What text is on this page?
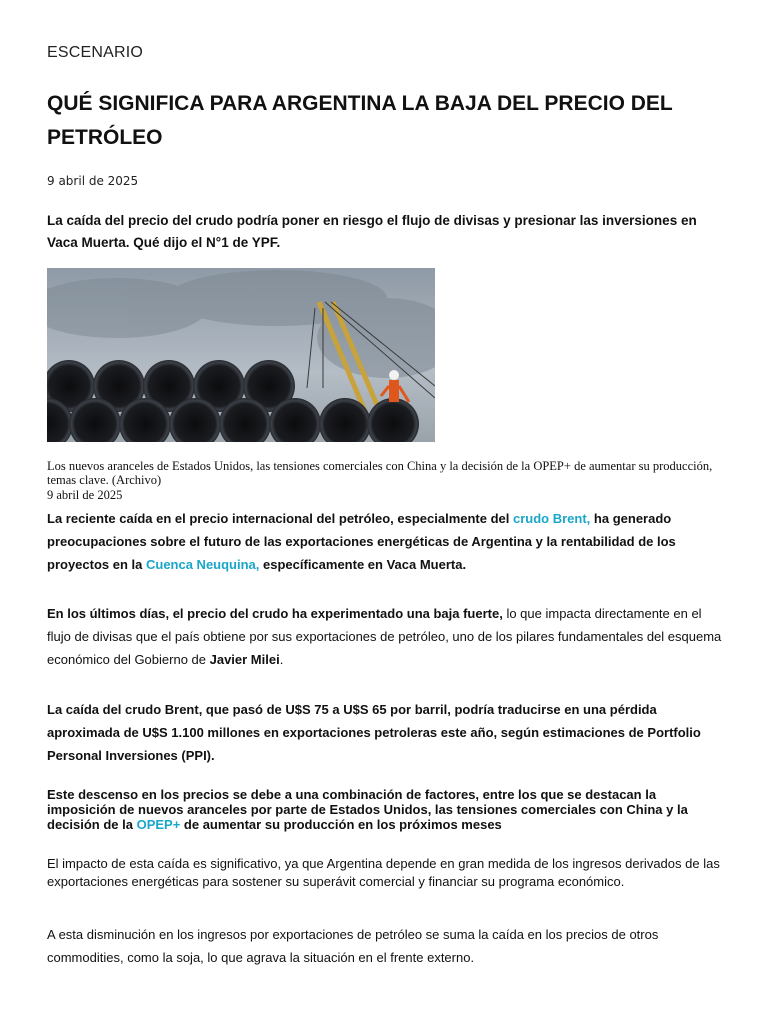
ESCENARIO
QUÉ SIGNIFICA PARA ARGENTINA LA BAJA DEL PRECIO DEL PETRÓLEO
9 abril de 2025

La caída del precio del crudo podría poner en riesgo el flujo de divisas y presionar las inversiones en Vaca Muerta. Qué dijo el N°1 de YPF.

Los nuevos aranceles de Estados Unidos, las tensiones comerciales con China y la decisión de la OPEP+ de aumentar su producción, temas clave. (Archivo)

9 abril de 2025

La reciente caída en el precio internacional del petróleo, especialmente del crudo Brent, ha generado preocupaciones sobre el futuro de las exportaciones energéticas de Argentina y la rentabilidad de los proyectos en la Cuenca Neuquina, específicamente en Vaca Muerta.

En los últimos días, el precio del crudo ha experimentado una baja fuerte, lo que impacta directamente en el flujo de divisas que el país obtiene por sus exportaciones de petróleo, uno de los pilares fundamentales del esquema económico del Gobierno de Javier Milei.

La caída del crudo Brent, que pasó de U$S 75 a U$S 65 por barril, podría traducirse en una pérdida aproximada de U$S 1.100 millones en exportaciones petroleras este año, según estimaciones de Portfolio Personal Inversiones (PPI).

Este descenso en los precios se debe a una combinación de factores, entre los que se destacan la imposición de nuevos aranceles por parte de Estados Unidos, las tensiones comerciales con China y la decisión de la OPEP+ de aumentar su producción en los próximos meses

El impacto de esta caída es significativo, ya que Argentina depende en gran medida de los ingresos derivados de las exportaciones energéticas para sostener su superávit comercial y financiar su programa económico.

A esta disminución en los ingresos por exportaciones de petróleo se suma la caída en los precios de otros commodities, como la soja, lo que agrava la situación en el frente externo.
